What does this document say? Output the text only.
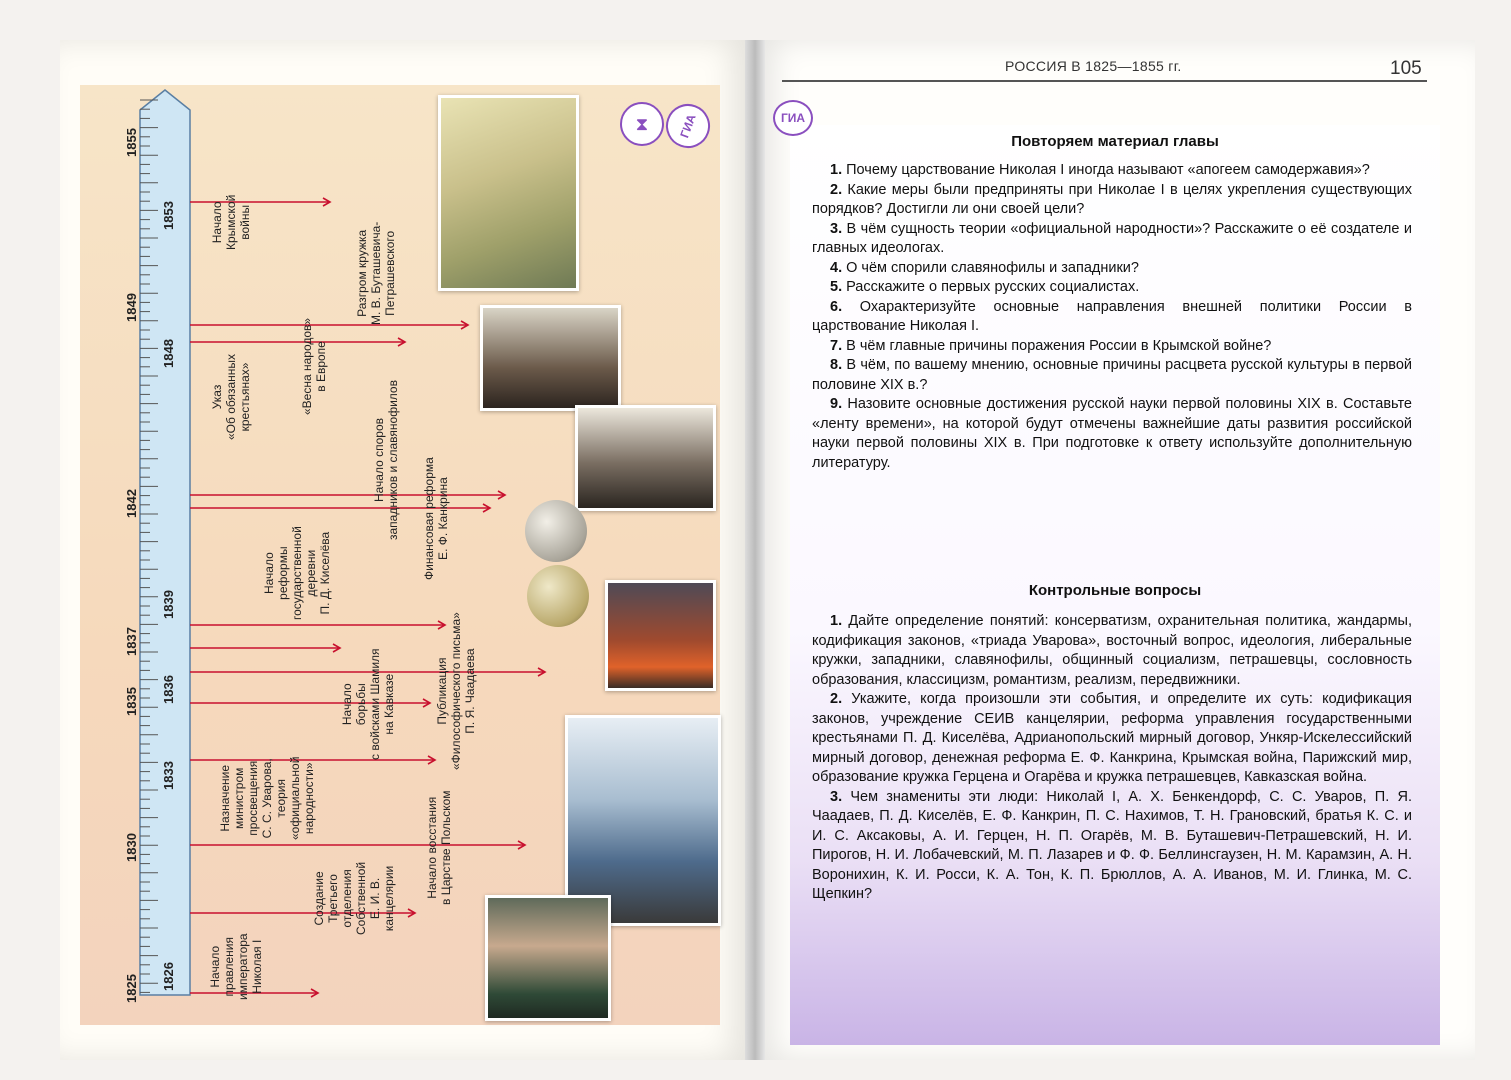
1825 1826
1830
1833
1835 1836
1837
1839
1842
1848
1849
1853
1855
Начало
правления
императора
Николая I
Создание
Третьего
отделения
Собственной
Е. И. В.
канцелярии Начало восстания
в Царстве Польском
Назначение
министром
просвещения
С. С. Уварова,
теория
«официальной
народности»
Начало
борьбы
с войсками Шамиля
на Кавказе	Публикация
«Философического письма»
П. Я. Чаадаева
Начало
реформы
государственной
деревни
П. Д. Киселёва	Финансовая реформа
Е. Ф. Канкрина
Начало споров
западников и славянофилов
Указ
«Об обязанных
крестьянах»	«Весна народов»
в Европе
Разгром кружка
М. В. Буташевича-
Петрашевского
Начало
Крымской
войны
⧗	ГИА
РОССИЯ В 1825—1855 гг.	105
ГИА
Повторяем материал главы

1. Почему царствование Николая I иногда называют «апогеем самодержавия»?

2. Какие меры были предприняты при Николае I в целях укрепления существующих порядков? Достигли ли они своей цели?

3. В чём сущность теории «официальной народности»? Расскажите о её создателе и главных идеологах.

4. О чём спорили славянофилы и западники?

5. Расскажите о первых русских социалистах.

6. Охарактеризуйте основные направления внешней политики России в царствование Николая I.

7. В чём главные причины поражения России в Крымской войне?

8. В чём, по вашему мнению, основные причины расцвета русской культуры в первой половине XIX в.?

9. Назовите основные достижения русской науки первой половины XIX в. Составьте «ленту времени», на которой будут отмечены важнейшие даты развития российской науки первой половины XIX в. При подготовке к ответу используйте дополнительную литературу.

Контрольные вопросы

1. Дайте определение понятий: консерватизм, охранительная политика, жандармы, кодификация законов, «триада Уварова», восточный вопрос, идеология, либеральные кружки, западники, славянофилы, общинный социализм, петрашевцы, сословность образования, классицизм, романтизм, реализм, передвижники.

2. Укажите, когда произошли эти события, и определите их суть: кодификация законов, учреждение СЕИВ канцелярии, реформа управления государственными крестьянами П. Д. Киселёва, Адрианопольский мирный договор, Ункяр-Искелессийский мирный договор, денежная реформа Е. Ф. Канкрина, Крымская война, Парижский мир, образование кружка Герцена и Огарёва и кружка петрашевцев, Кавказская война.

3. Чем знамениты эти люди: Николай I, А. Х. Бенкендорф, С. С. Уваров, П. Я. Чаадаев, П. Д. Киселёв, Е. Ф. Канкрин, П. С. Нахимов, Т. Н. Грановский, братья К. С. и И. С. Аксаковы, А. И. Герцен, Н. П. Огарёв, М. В. Буташевич-Петрашевский, Н. И. Пирогов, Н. И. Лобачевский, М. П. Лазарев и Ф. Ф. Беллинсгаузен, Н. М. Карамзин, А. Н. Воронихин, К. И. Росси, К. А. Тон, К. П. Брюллов, А. А. Иванов, М. И. Глинка, М. С. Щепкин?
